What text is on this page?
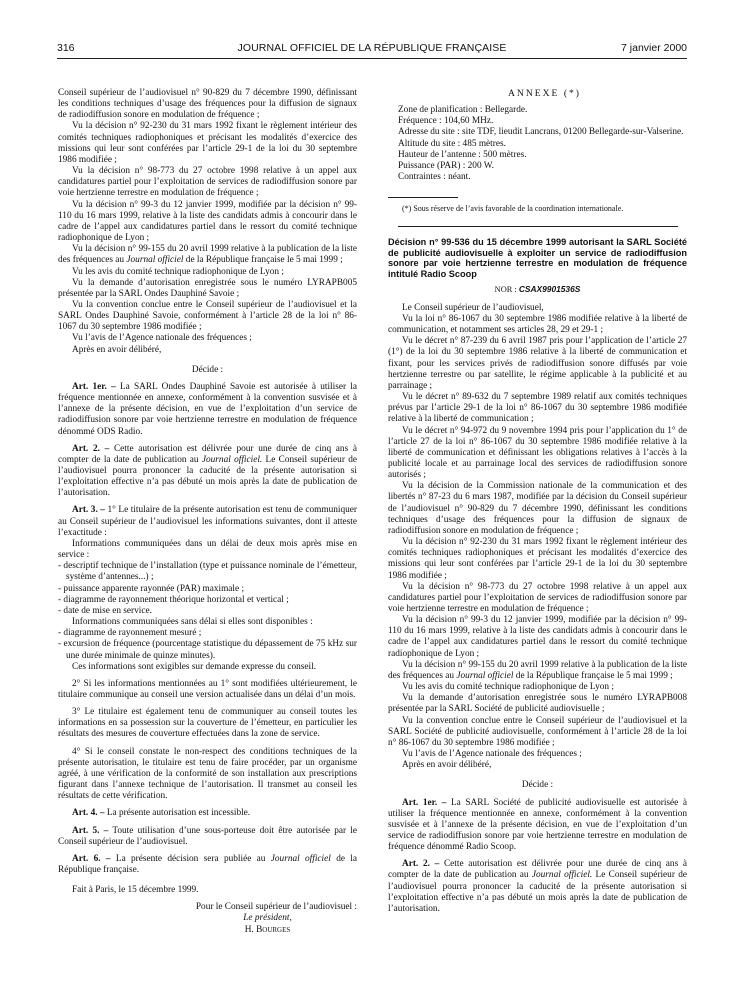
316	JOURNAL OFFICIEL DE LA RÉPUBLIQUE FRANÇAISE	7 janvier 2000

Conseil supérieur de l’audiovisuel n° 90-829 du 7 décembre 1990, définissant les conditions techniques d’usage des fréquences pour la diffusion de signaux de radiodiffusion sonore en modulation de fréquence ;

Vu la décision n° 92-230 du 31 mars 1992 fixant le règlement intérieur des comités techniques radiophoniques et précisant les modalités d’exercice des missions qui leur sont conférées par l’article 29-1 de la loi du 30 septembre 1986 modifiée ;

Vu la décision n° 98-773 du 27 octobre 1998 relative à un appel aux candidatures partiel pour l’exploitation de services de radiodiffusion sonore par voie hertzienne terrestre en modulation de fréquence ;

Vu la décision n° 99-3 du 12 janvier 1999, modifiée par la décision n° 99-110 du 16 mars 1999, relative à la liste des candidats admis à concourir dans le cadre de l’appel aux candidatures partiel dans le ressort du comité technique radiophonique de Lyon ;

Vu la décision n° 99-155 du 20 avril 1999 relative à la publication de la liste des fréquences au Journal officiel de la République française le 5 mai 1999 ;

Vu les avis du comité technique radiophonique de Lyon ;

Vu la demande d’autorisation enregistrée sous le numéro LYRAPB005 présentée par la SARL Ondes Dauphiné Savoie ;

Vu la convention conclue entre le Conseil supérieur de l’audiovisuel et la SARL Ondes Dauphiné Savoie, conformément à l’article 28 de la loi n° 86-1067 du 30 septembre 1986 modifiée ;

Vu l’avis de l’Agence nationale des fréquences ;

Après en avoir délibéré,

Décide :

Art. 1er. – La SARL Ondes Dauphiné Savoie est autorisée à utiliser la fréquence mentionnée en annexe, conformément à la convention susvisée et à l’annexe de la présente décision, en vue de l’exploitation d’un service de radiodiffusion sonore par voie hertzienne terrestre en modulation de fréquence dénommé ODS Radio.

Art. 2. – Cette autorisation est délivrée pour une durée de cinq ans à compter de la date de publication au Journal officiel. Le Conseil supérieur de l’audiovisuel pourra prononcer la caducité de la présente autorisation si l’exploitation effective n’a pas débuté un mois après la date de publication de l’autorisation.

Art. 3. – 1° Le titulaire de la présente autorisation est tenu de communiquer au Conseil supérieur de l’audiovisuel les informations suivantes, dont il atteste l’exactitude :

Informations communiquées dans un délai de deux mois après mise en service :

- descriptif technique de l’installation (type et puissance nominale de l’émetteur, système d’antennes...) ;

- puissance apparente rayonnée (PAR) maximale ;

- diagramme de rayonnement théorique horizontal et vertical ;

- date de mise en service.

Informations communiquées sans délai si elles sont disponibles :

- diagramme de rayonnement mesuré ;

- excursion de fréquence (pourcentage statistique du dépassement de 75 kHz sur une durée minimale de quinze minutes).

Ces informations sont exigibles sur demande expresse du conseil.

2° Si les informations mentionnées au 1° sont modifiées ultérieurement, le titulaire communique au conseil une version actualisée dans un délai d’un mois.

3° Le titulaire est également tenu de communiquer au conseil toutes les informations en sa possession sur la couverture de l’émetteur, en particulier les résultats des mesures de couverture effectuées dans la zone de service.

4° Si le conseil constate le non-respect des conditions techniques de la présente autorisation, le titulaire est tenu de faire procéder, par un organisme agréé, à une vérification de la conformité de son installation aux prescriptions figurant dans l’annexe technique de l’autorisation. Il transmet au conseil les résultats de cette vérification.

Art. 4. – La présente autorisation est incessible.

Art. 5. – Toute utilisation d’une sous-porteuse doit être autorisée par le Conseil supérieur de l’audiovisuel.

Art. 6. – La présente décision sera publiée au Journal officiel de la République française.

Fait à Paris, le 15 décembre 1999.

Pour le Conseil supérieur de l’audiovisuel :

Le président,

H. Bourges

ANNEXE (*)

Zone de planification : Bellegarde.

Fréquence : 104,60 MHz.

Adresse du site : site TDF, lieudit Lancrans, 01200 Bellegarde-sur-Valserine.

Altitude du site : 485 mètres.

Hauteur de l’antenne : 500 mètres.

Puissance (PAR) : 200 W.

Contraintes : néant.

(*) Sous réserve de l’avis favorable de la coordination internationale.

Décision n° 99-536 du 15 décembre 1999 autorisant la SARL Société de publicité audiovisuelle à exploiter un service de radiodiffusion sonore par voie hertzienne terrestre en modulation de fréquence intitulé Radio Scoop

NOR : CSAX9901536S

Le Conseil supérieur de l’audiovisuel,

Vu la loi n° 86-1067 du 30 septembre 1986 modifiée relative à la liberté de communication, et notamment ses articles 28, 29 et 29-1 ;

Vu le décret n° 87-239 du 6 avril 1987 pris pour l’application de l’article 27 (1°) de la loi du 30 septembre 1986 relative à la liberté de communication et fixant, pour les services privés de radiodiffusion sonore diffusés par voie hertzienne terrestre ou par satellite, le régime applicable à la publicité et au parrainage ;

Vu le décret n° 89-632 du 7 septembre 1989 relatif aux comités techniques prévus par l’article 29-1 de la loi n° 86-1067 du 30 septembre 1986 modifiée relative à la liberté de communication ;

Vu le décret n° 94-972 du 9 novembre 1994 pris pour l’application du 1° de l’article 27 de la loi n° 86-1067 du 30 septembre 1986 modifiée relative à la liberté de communication et définissant les obligations relatives à l’accès à la publicité locale et au parrainage local des services de radiodiffusion sonore autorisés ;

Vu la décision de la Commission nationale de la communication et des libertés n° 87-23 du 6 mars 1987, modifiée par la décision du Conseil supérieur de l’audiovisuel n° 90-829 du 7 décembre 1990, définissant les conditions techniques d’usage des fréquences pour la diffusion de signaux de radiodiffusion sonore en modulation de fréquence ;

Vu la décision n° 92-230 du 31 mars 1992 fixant le règlement intérieur des comités techniques radiophoniques et précisant les modalités d’exercice des missions qui leur sont conférées par l’article 29-1 de la loi du 30 septembre 1986 modifiée ;

Vu la décision n° 98-773 du 27 octobre 1998 relative à un appel aux candidatures partiel pour l’exploitation de services de radiodiffusion sonore par voie hertzienne terrestre en modulation de fréquence ;

Vu la décision n° 99-3 du 12 janvier 1999, modifiée par la décision n° 99-110 du 16 mars 1999, relative à la liste des candidats admis à concourir dans le cadre de l’appel aux candidatures partiel dans le ressort du comité technique radiophonique de Lyon ;

Vu la décision n° 99-155 du 20 avril 1999 relative à la publication de la liste des fréquences au Journal officiel de la République française le 5 mai 1999 ;

Vu les avis du comité technique radiophonique de Lyon ;

Vu la demande d’autorisation enregistrée sous le numéro LYRAPB008 présentée par la SARL Société de publicité audiovisuelle ;

Vu la convention conclue entre le Conseil supérieur de l’audiovisuel et la SARL Société de publicité audiovisuelle, conformément à l’article 28 de la loi n° 86-1067 du 30 septembre 1986 modifiée ;

Vu l’avis de l’Agence nationale des fréquences ;

Après en avoir délibéré,

Décide :

Art. 1er. – La SARL Société de publicité audiovisuelle est autorisée à utiliser la fréquence mentionnée en annexe, conformément à la convention susvisée et à l’annexe de la présente décision, en vue de l’exploitation d’un service de radiodiffusion sonore par voie hertzienne terrestre en modulation de fréquence dénommé Radio Scoop.

Art. 2. – Cette autorisation est délivrée pour une durée de cinq ans à compter de la date de publication au Journal officiel. Le Conseil supérieur de l’audiovisuel pourra prononcer la caducité de la présente autorisation si l’exploitation effective n’a pas débuté un mois après la date de publication de l’autorisation.
